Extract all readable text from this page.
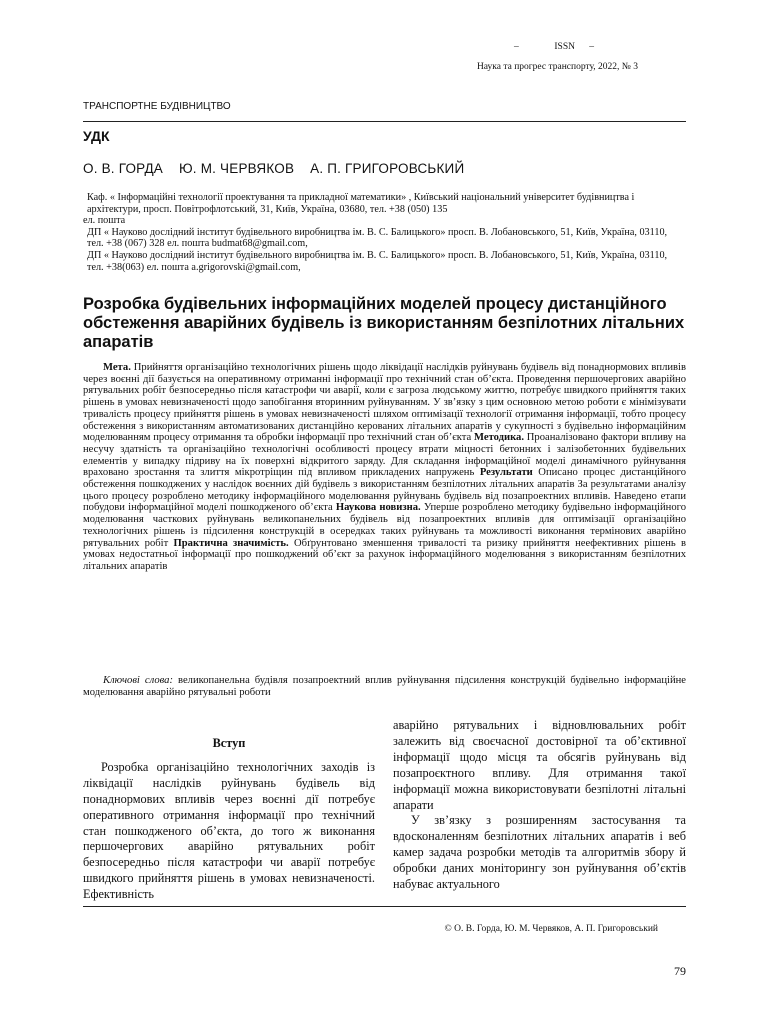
–               ISSN      –
Наука та прогрес транспорту, 2022, № 3
ТРАНСПОРТНЕ БУДІВНИЦТВО
УДК
О. В. ГОРДА Ю. М. ЧЕРВЯКОВ А. П. ГРИГОРОВСЬКИЙ

Каф. « Інформаційні технології проектування та прикладної математики» , Київський національний університет будівництва і архітектури, просп. Повітрофлотський, 31, Київ, Україна, 03680, тел. +38 (050) 135

ел. пошта

ДП « Науково дослідний інститут будівельного виробництва ім. В. С. Балицького» просп. В. Лобановського, 51, Київ, Україна, 03110, тел. +38 (067) 328 ел. пошта budmat68@gmail.com,

ДП « Науково дослідний інститут будівельного виробництва ім. В. С. Балицького» просп. В. Лобановського, 51, Київ, Україна, 03110, тел. +38(063) ел. пошта a.grigorovski@gmail.com,

Розробка будівельних інформаційних моделей процесу дистанційного обстеження аварійних будівель із використанням безпілотних літальних апаратів

Мета. Прийняття організаційно технологічних рішень щодо ліквідації наслідків руйнувань будівель від понаднормових впливів через воєнні дії базується на оперативному отриманні інформації про технічний стан об’єкта. Проведення першочергових аварійно рятувальних робіт безпосередньо після катастрофи чи аварії, коли є загроза людському життю, потребує швидкого прийняття таких рішень в умовах невизначеності щодо запобігання вторинним руйнуванням. У зв’язку з цим основною метою роботи є мінімізувати тривалість процесу прийняття рішень в умовах невизначеності шляхом оптимізації технології отримання інформації, тобто процесу обстеження з використанням автоматизованих дистанційно керованих літальних апаратів у сукупності з будівельно інформаційним моделюванням процесу отримання та обробки інформації про технічний стан об’єкта Методика. Проаналізовано фактори впливу на несучу здатність та організаційно технологічні особливості процесу втрати міцності бетонних і залізобетонних будівельних елементів у випадку підриву на їх поверхні відкритого заряду. Для складання інформаційної моделі динамічного руйнування враховано зростання та злиття мікротріщин під впливом прикладених напружень Результати Описано процес дистанційного обстеження пошкоджених у наслідок воєнних дій будівель з використанням безпілотних літальних апаратів За результатами аналізу цього процесу розроблено методику інформаційного моделювання руйнувань будівель від позапроектних впливів. Наведено етапи побудови інформаційної моделі пошкодженого об’єкта Наукова новизна. Уперше розроблено методику будівельно інформаційного моделювання часткових руйнувань великопанельних будівель від позапроектних впливів для оптимізації організаційно технологічних рішень із підсилення конструкцій в осередках таких руйнувань та можливості виконання термінових аварійно рятувальних робіт Практична значимість. Обґрунтовано зменшення тривалості та ризику прийняття неефективних рішень в умовах недостатньої інформації про пошкоджений об’єкт за рахунок інформаційного моделювання з використанням безпілотних літальних апаратів

Ключові слова: великопанельна будівля позапроектний вплив руйнування підсилення конструкцій будівельно інформаційне моделювання аварійно рятувальні роботи
Вступ

Розробка організаційно технологічних заходів із ліквідації наслідків руйнувань будівель від понаднормових впливів через воєнні дії потребує оперативного отримання інформації про технічний стан пошкодженого об’єкта, до того ж виконання першочергових аварійно рятувальних робіт безпосередньо після катастрофи чи аварії потребує швидкого прийняття рішень в умовах невизначеності. Ефективність

аварійно рятувальних і відновлювальних робіт залежить від своєчасної достовірної та об’єктивної інформації щодо місця та обсягів руйнувань від позапроєктного впливу. Для отримання такої інформації можна використовувати безпілотні літальні апарати

У зв’язку з розширенням застосування та вдосконаленням безпілотних літальних апаратів і веб камер задача розробки методів та алгоритмів збору й обробки даних моніторингу зон руйнування об’єктів набуває актуального

© О. В. Горда, Ю. М. Червяков, А. П. Григоровський
79
